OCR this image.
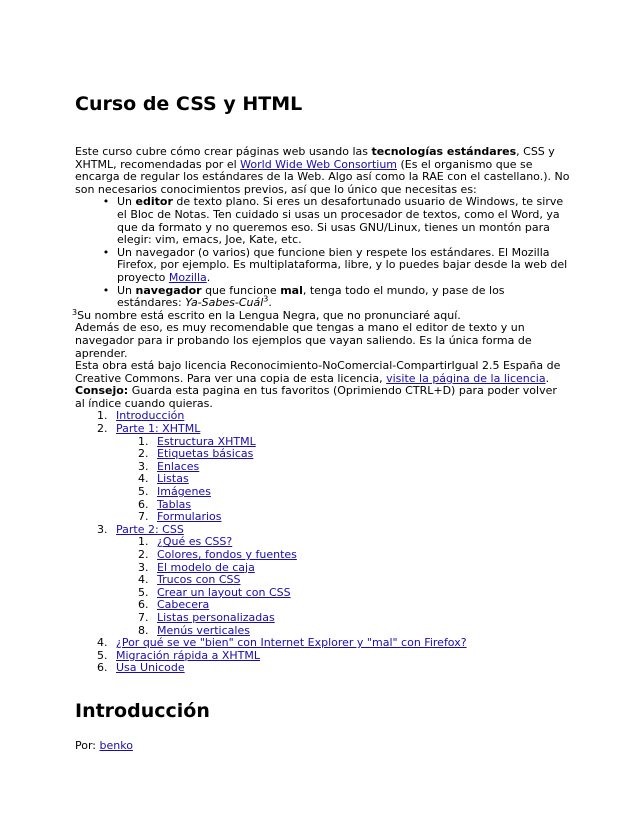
Curso de CSS y HTML

Este curso cubre cómo crear páginas web usando las tecnologías estándares, CSS y XHTML, recomendadas por el World Wide Web Consortium (Es el organismo que se encarga de regular los estándares de la Web. Algo así como la RAE con el castellano.). No son necesarios conocimientos previos, así que lo único que necesitas es:

• Un editor de texto plano. Si eres un desafortunado usuario de Windows, te sirve el Bloc de Notas. Ten cuidado si usas un procesador de textos, como el Word, ya que da formato y no queremos eso. Si usas GNU/Linux, tienes un montón para elegir: vim, emacs, Joe, Kate, etc.
• Un navegador (o varios) que funcione bien y respete los estándares. El Mozilla Firefox, por ejemplo. Es multiplataforma, libre, y lo puedes bajar desde la web del proyecto Mozilla.
• Un navegador que funcione mal, tenga todo el mundo, y pase de los estándares: Ya-Sabes-Cuál$^3$.

$^3$Su nombre está escrito en la Lengua Negra, que no pronunciaré aquí.

Además de eso, es muy recomendable que tengas a mano el editor de texto y un navegador para ir probando los ejemplos que vayan saliendo. Es la única forma de aprender.

Esta obra está bajo licencia Reconocimiento-NoComercial-CompartirIgual 2.5 España de Creative Commons. Para ver una copia de esta licencia, visite la página de la licencia.

Consejo: Guarda esta pagina en tus favoritos (Oprimiendo CTRL+D) para poder volver al índice cuando quieras.

1. Introducción
2. Parte 1: XHTML
1. Estructura XHTML
2. Etiquetas básicas
3. Enlaces
4. Listas
5. Imágenes
6. Tablas
7. Formularios
3. Parte 2: CSS
1. ¿Qué es CSS?
2. Colores, fondos y fuentes
3. El modelo de caja
4. Trucos con CSS
5. Crear un layout con CSS
6. Cabecera
7. Listas personalizadas
8. Menús verticales
4. ¿Por qué se ve "bien" con Internet Explorer y "mal" con Firefox?
5. Migración rápida a XHTML
6. Usa Unicode
Introducción
Por: benko
